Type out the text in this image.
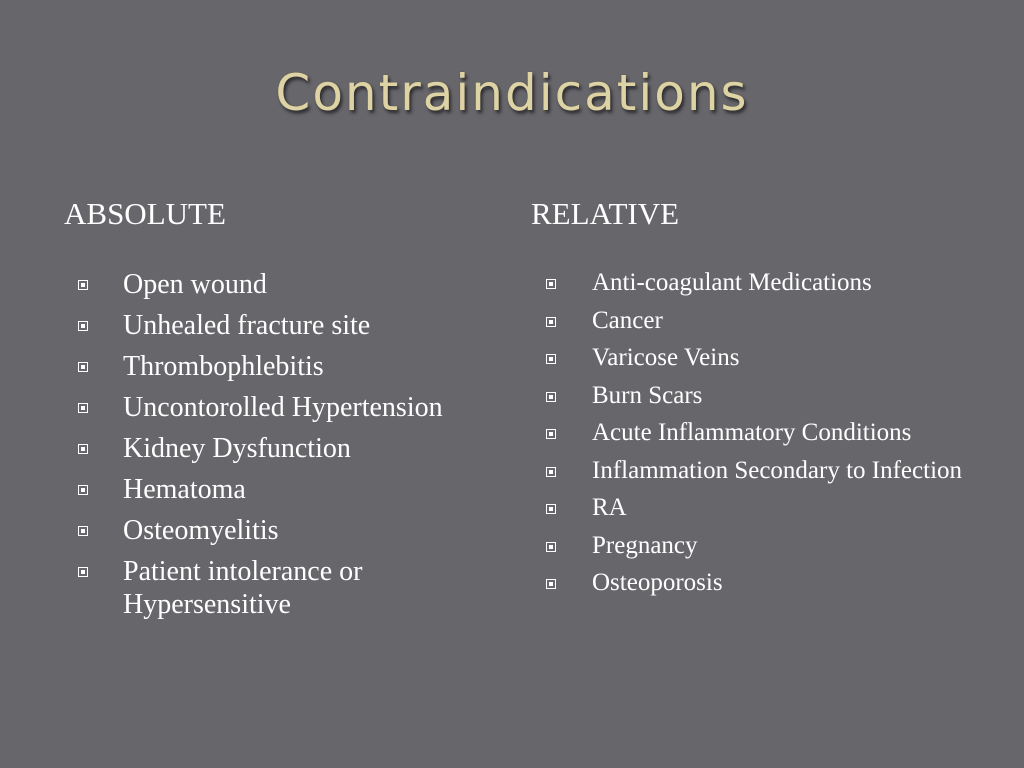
Contraindications
ABSOLUTE	RELATIVE
Open wound
Unhealed fracture site
Thrombophlebitis
Uncontorolled Hypertension
Kidney Dysfunction
Hematoma
Osteomyelitis
Patient intolerance or Hypersensitive
Anti-coagulant Medications
Cancer
Varicose Veins
Burn Scars
Acute Inflammatory Conditions
Inflammation Secondary to Infection
RA
Pregnancy
Osteoporosis
